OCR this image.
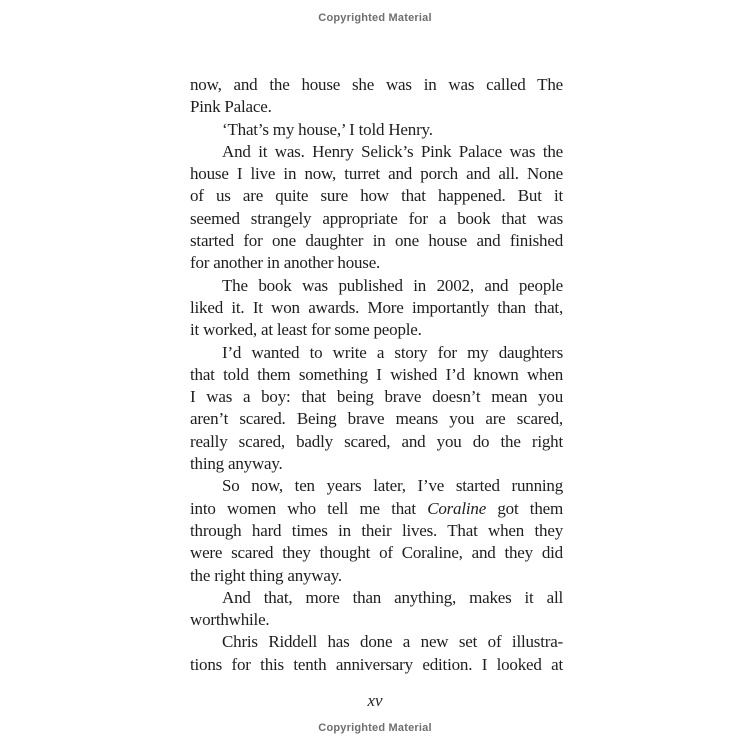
Copyrighted Material
now, and the house she was in was called The
Pink Palace.
‘That’s my house,’ I told Henry.
And it was. Henry Selick’s Pink Palace was the
house I live in now, turret and porch and all. None
of us are quite sure how that happened. But it
seemed strangely appropriate for a book that was
started for one daughter in one house and finished
for another in another house.
The book was published in 2002, and people
liked it. It won awards. More importantly than that,
it worked, at least for some people.
I’d wanted to write a story for my daughters
that told them something I wished I’d known when
I was a boy: that being brave doesn’t mean you
aren’t scared. Being brave means you are scared,
really scared, badly scared, and you do the right
thing anyway.
So now, ten years later, I’ve started running
into women who tell me that Coraline got them
through hard times in their lives. That when they
were scared they thought of Coraline, and they did
the right thing anyway.
And that, more than anything, makes it all
worthwhile.
Chris Riddell has done a new set of illustra-
tions for this tenth anniversary edition. I looked at
xv
Copyrighted Material
